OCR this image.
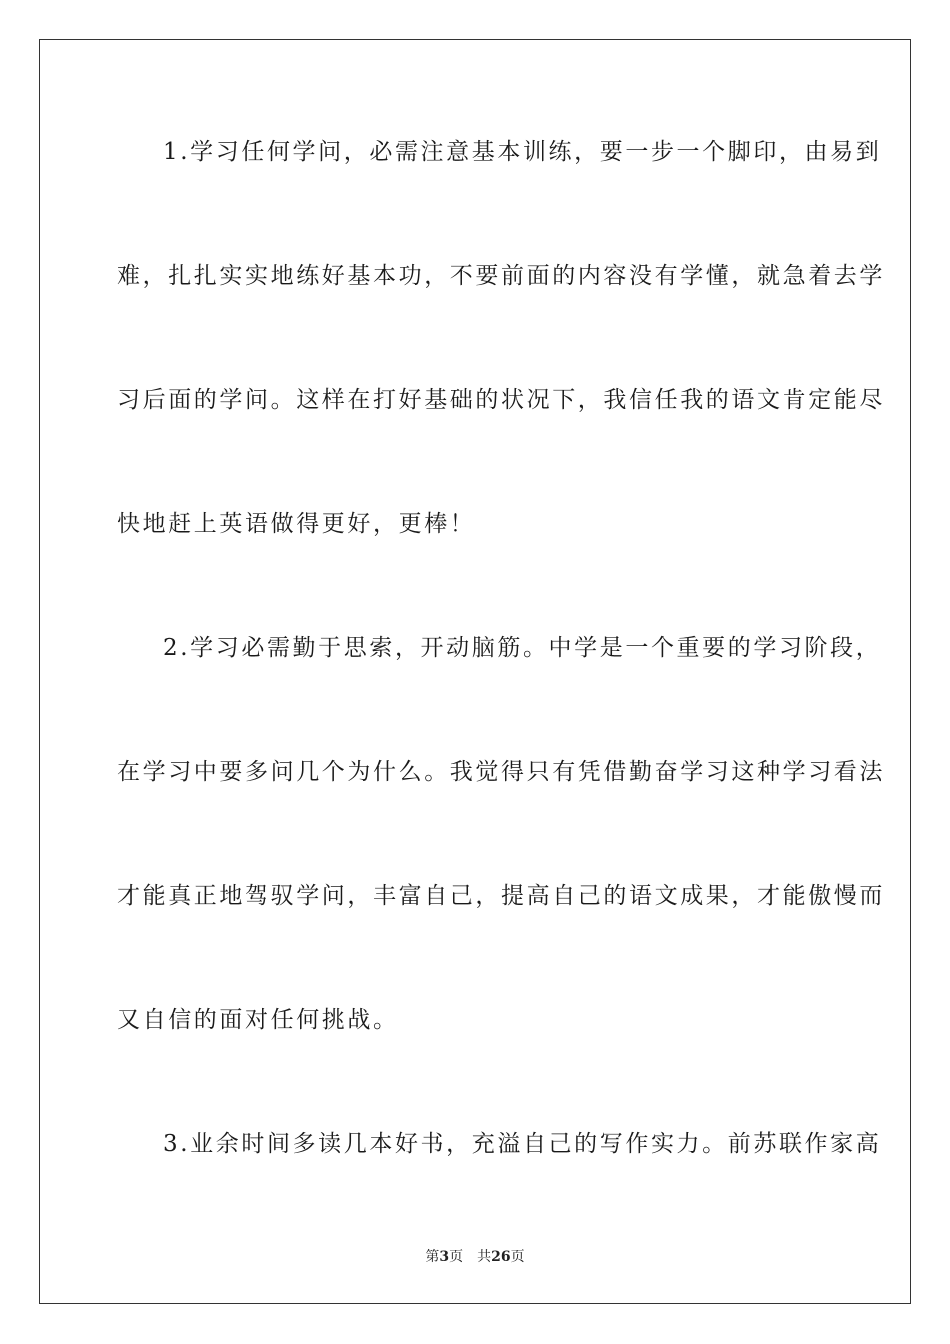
1.学习任何学问，必需注意基本训练，要一步一个脚印，由易到
难，扎扎实实地练好基本功，不要前面的内容没有学懂，就急着去学
习后面的学问。这样在打好基础的状况下，我信任我的语文肯定能尽
快地赶上英语做得更好，更棒！
2.学习必需勤于思索，开动脑筋。中学是一个重要的学习阶段，
在学习中要多问几个为什么。我觉得只有凭借勤奋学习这种学习看法
才能真正地驾驭学问，丰富自己，提高自己的语文成果，才能傲慢而
又自信的面对任何挑战。
3.业余时间多读几本好书，充溢自己的写作实力。前苏联作家高
第3页 共26页
